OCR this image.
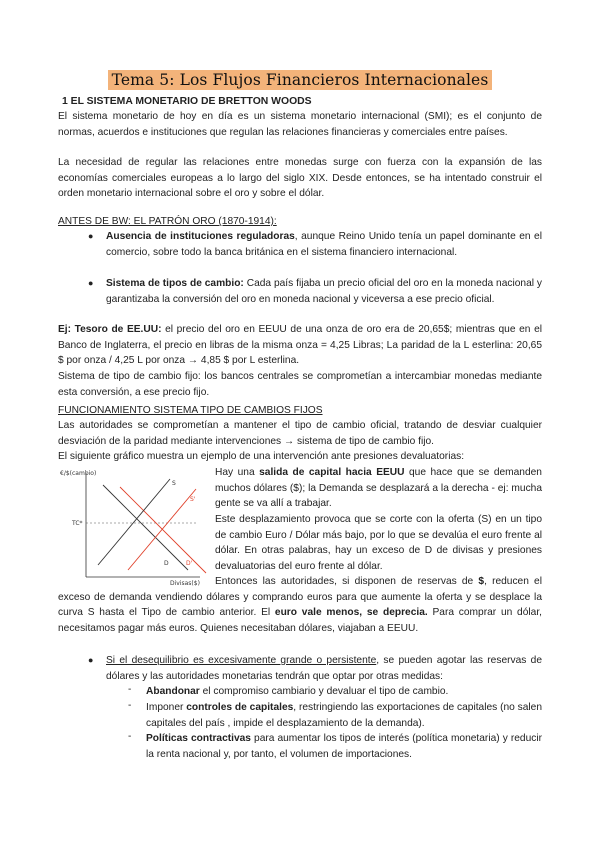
Tema 5: Los Flujos Financieros Internacionales

1 EL SISTEMA MONETARIO DE BRETTON WOODS

El sistema monetario de hoy en día es un sistema monetario internacional (SMI); es el conjunto de normas, acuerdos e instituciones que regulan las relaciones financieras y comerciales entre países.

La necesidad de regular las relaciones entre monedas surge con fuerza con la expansión de las economías comerciales europeas a lo largo del siglo XIX. Desde entonces, se ha intentado construir el orden monetario internacional sobre el oro y sobre el dólar.

ANTES DE BW: EL PATRÓN ORO (1870-1914):

● Ausencia de instituciones reguladoras, aunque Reino Unido tenía un papel dominante en el comercio, sobre todo la banca británica en el sistema financiero internacional.

● Sistema de tipos de cambio: Cada país fijaba un precio oficial del oro en la moneda nacional y garantizaba la conversión del oro en moneda nacional y viceversa a ese precio oficial.

Ej: Tesoro de EE.UU: el precio del oro en EEUU de una onza de oro era de 20,65$; mientras que en el Banco de Inglaterra, el precio en libras de la misma onza = 4,25 Libras; La paridad de la L esterlina: 20,65 $ por onza / 4,25 L por onza → 4,85 $ por L esterlina.

Sistema de tipo de cambio fijo: los bancos centrales se comprometían a intercambiar monedas mediante esta conversión, a ese precio fijo.

FUNCIONAMIENTO SISTEMA TIPO DE CAMBIOS FIJOS

Las autoridades se comprometían a mantener el tipo de cambio oficial, tratando de desviar cualquier desviación de la paridad mediante intervenciones → sistema de tipo de cambio fijo.

El siguiente gráfico muestra un ejemplo de una intervención ante presiones devaluatorias:

€/$(cambio)
TC*
Divisas($)
S
S'
D	D'

Hay una salida de capital hacia EEUU que hace que se demanden muchos dólares ($); la Demanda se desplazará a la derecha - ej: mucha gente se va allí a trabajar.

Este desplazamiento provoca que se corte con la oferta (S) en un tipo de cambio Euro / Dólar más bajo, por lo que se devalúa el euro frente al dólar. En otras palabras, hay un exceso de D de divisas y presiones devaluatorias del euro frente al dólar.

Entonces las autoridades, si disponen de reservas de $, reducen el exceso de demanda vendiendo dólares y comprando euros para que aumente la oferta y se desplace la curva S hasta el Tipo de cambio anterior. El euro vale menos, se deprecia. Para comprar un dólar, necesitamos pagar más euros. Quienes necesitaban dólares, viajaban a EEUU.

● Si el desequilibrio es excesivamente grande o persistente, se pueden agotar las reservas de dólares y las autoridades monetarias tendrán que optar por otras medidas:

- Abandonar el compromiso cambiario y devaluar el tipo de cambio.

- Imponer controles de capitales, restringiendo las exportaciones de capitales (no salen capitales del país , impide el desplazamiento de la demanda).

- Políticas contractivas para aumentar los tipos de interés (política monetaria) y reducir la renta nacional y, por tanto, el volumen de importaciones.
